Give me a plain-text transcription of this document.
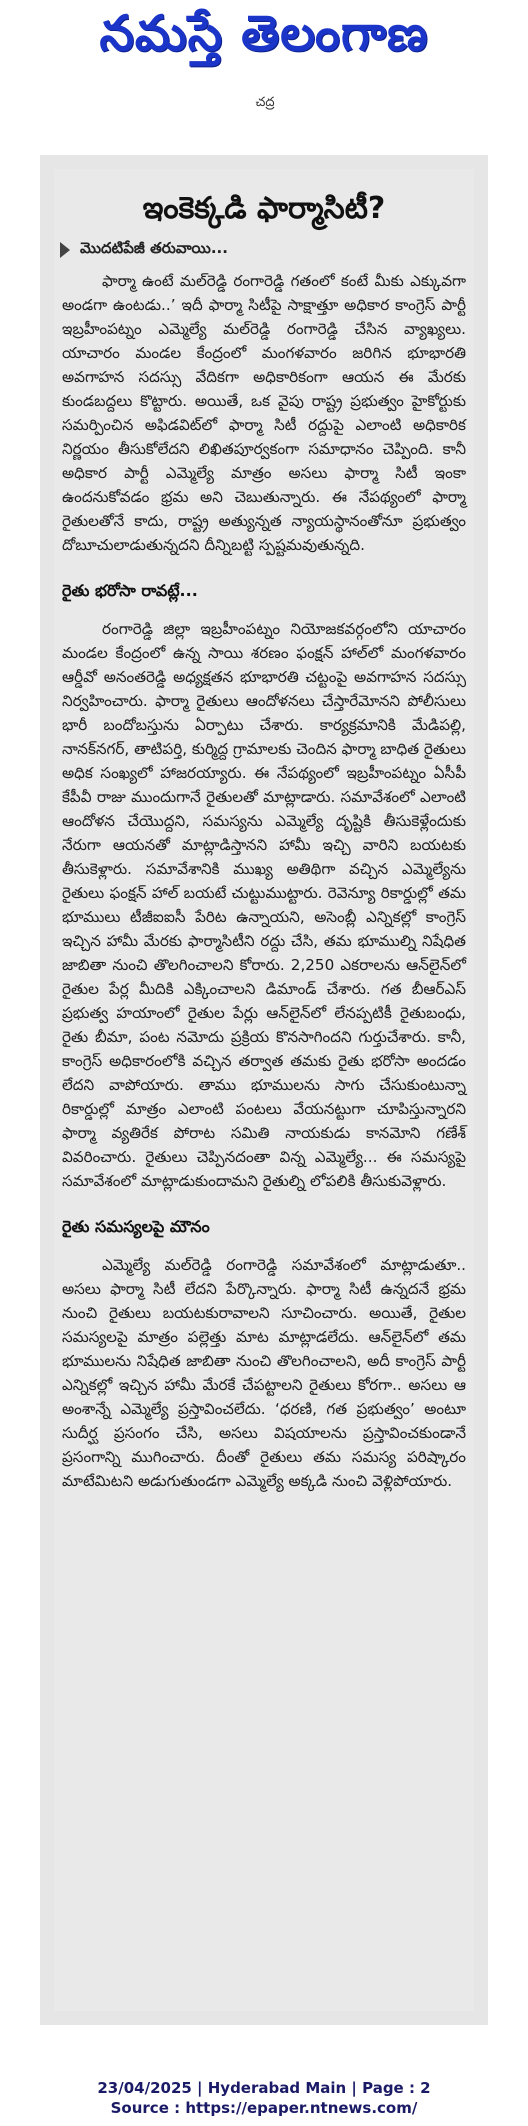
నమస్తే తెలంగాణ
చద్ర
ఇంకెక్కడి ఫార్మాసిటీ?
మొదటిపేజీ తరువాయి...

ఫార్మా ఉంటే మల్‌రెడ్డి రంగారెడ్డి గతంలో కంటే మీకు ఎక్కువగా అండగా ఉంటడు..’ ఇదీ ఫార్మా సిటీపై సాక్షాత్తూ అధికార కాంగ్రెస్ పార్టీ ఇబ్రహీంపట్నం ఎమ్మెల్యే మల్‌రెడ్డి రంగారెడ్డి చేసిన వ్యాఖ్యలు. యాచారం మండల కేంద్రంలో మంగళవారం జరిగిన భూభారతి అవగాహన సదస్సు వేదికగా అధికారికంగా ఆయన ఈ మేరకు కుండబద్దలు కొట్టారు. అయితే, ఒక వైపు రాష్ట్ర ప్రభుత్వం హైకోర్టుకు సమర్పించిన అఫిడవిట్‌లో ఫార్మా సిటీ రద్దుపై ఎలాంటి అధికారిక నిర్ణయం తీసుకోలేదని లిఖితపూర్వకంగా సమాధానం చెప్పింది. కానీ అధికార పార్టీ ఎమ్మెల్యే మాత్రం అసలు ఫార్మా సిటీ ఇంకా ఉందనుకోవడం భ్రమ అని చెబుతున్నారు. ఈ నేపథ్యంలో ఫార్మా రైతులతోనే కాదు, రాష్ట్ర అత్యున్నత న్యాయస్థానంతోనూ ప్రభుత్వం దోబూచులాడుతున్నదని దీన్నిబట్టి స్పష్టమవుతున్నది.

రైతు భరోసా రావట్లే...

రంగారెడ్డి జిల్లా ఇబ్రహీంపట్నం నియోజకవర్గంలోని యాచారం మండల కేంద్రంలో ఉన్న సాయి శరణం ఫంక్షన్ హాల్‌లో మంగళవారం ఆర్డీవో అనంతరెడ్డి అధ్యక్షతన భూభారతి చట్టంపై అవగాహన సదస్సు నిర్వహించారు. ఫార్మా రైతులు ఆందోళనలు చేస్తారేమోనని పోలీసులు భారీ బందోబస్తును ఏర్పాటు చేశారు. కార్యక్రమానికి మేడిపల్లి, నానక్‌నగర్, తాటిపర్తి, కుర్మిద్ద గ్రామాలకు చెందిన ఫార్మా బాధిత రైతులు అధిక సంఖ్యలో హాజరయ్యారు. ఈ నేపథ్యంలో ఇబ్రహీంపట్నం ఏసీపీ కేపీవీ రాజు ముందుగానే రైతులతో మాట్లాడారు. సమావేశంలో ఎలాంటి ఆందోళన చేయొద్దని, సమస్యను ఎమ్మెల్యే దృష్టికి తీసుకెళ్లేందుకు నేరుగా ఆయనతో మాట్లాడిస్తానని హామీ ఇచ్చి వారిని బయటకు తీసుకెళ్లారు. సమావేశానికి ముఖ్య అతిథిగా వచ్చిన ఎమ్మెల్యేను రైతులు ఫంక్షన్ హాల్ బయటే చుట్టుముట్టారు. రెవెన్యూ రికార్డుల్లో తమ భూములు టీజీఐఐసీ పేరిట ఉన్నాయని, అసెంబ్లీ ఎన్నికల్లో కాంగ్రెస్ ఇచ్చిన హామీ మేరకు ఫార్మాసిటీని రద్దు చేసి, తమ భూముల్ని నిషేధిత జాబితా నుంచి తొలగించాలని కోరారు. 2,250 ఎకరాలను ఆన్‌లైన్‌లో రైతుల పేర్ల మీదికి ఎక్కించాలని డిమాండ్ చేశారు. గత బీఆర్‌ఎస్ ప్రభుత్వ హయాంలో రైతుల పేర్లు ఆన్‌లైన్‌లో లేనప్పటికీ రైతుబంధు, రైతు బీమా, పంట నమోదు ప్రక్రియ కొనసాగిందని గుర్తుచేశారు. కానీ, కాంగ్రెస్ అధికారంలోకి వచ్చిన తర్వాత తమకు రైతు భరోసా అందడం లేదని వాపోయారు. తాము భూములను సాగు చేసుకుంటున్నా రికార్డుల్లో మాత్రం ఎలాంటి పంటలు వేయనట్టుగా చూపిస్తున్నారని ఫార్మా వ్యతిరేక పోరాట సమితి నాయకుడు కానమోని గణేశ్ వివరించారు. రైతులు చెప్పినదంతా విన్న ఎమ్మెల్యే... ఈ సమస్యపై సమావేశంలో మాట్లాడుకుందామని రైతుల్ని లోపలికి తీసుకువెళ్లారు.

రైతు సమస్యలపై మౌనం

ఎమ్మెల్యే మల్‌రెడ్డి రంగారెడ్డి సమావేశంలో మాట్లాడుతూ.. అసలు ఫార్మా సిటీ లేదని పేర్కొన్నారు. ఫార్మా సిటీ ఉన్నదనే భ్రమ నుంచి రైతులు బయటకురావాలని సూచించారు. అయితే, రైతుల సమస్యలపై మాత్రం పల్లెత్తు మాట మాట్లాడలేదు. ఆన్‌లైన్‌లో తమ భూములను నిషేధిత జాబితా నుంచి తొలగించాలని, అదీ కాంగ్రెస్ పార్టీ ఎన్నికల్లో ఇచ్చిన హామీ మేరకే చేపట్టాలని రైతులు కోరగా.. అసలు ఆ అంశాన్నే ఎమ్మెల్యే ప్రస్తావించలేదు. ‘ధరణి, గత ప్రభుత్వం’ అంటూ సుదీర్ఘ ప్రసంగం చేసి, అసలు విషయాలను ప్రస్తావించకుండానే ప్రసంగాన్ని ముగించారు. దీంతో రైతులు తమ సమస్య పరిష్కారం మాటేమిటని అడుగుతుండగా ఎమ్మెల్యే అక్కడి నుంచి వెళ్లిపోయారు.

23/04/2025 | Hyderabad Main | Page : 2
Source : https://epaper.ntnews.com/
